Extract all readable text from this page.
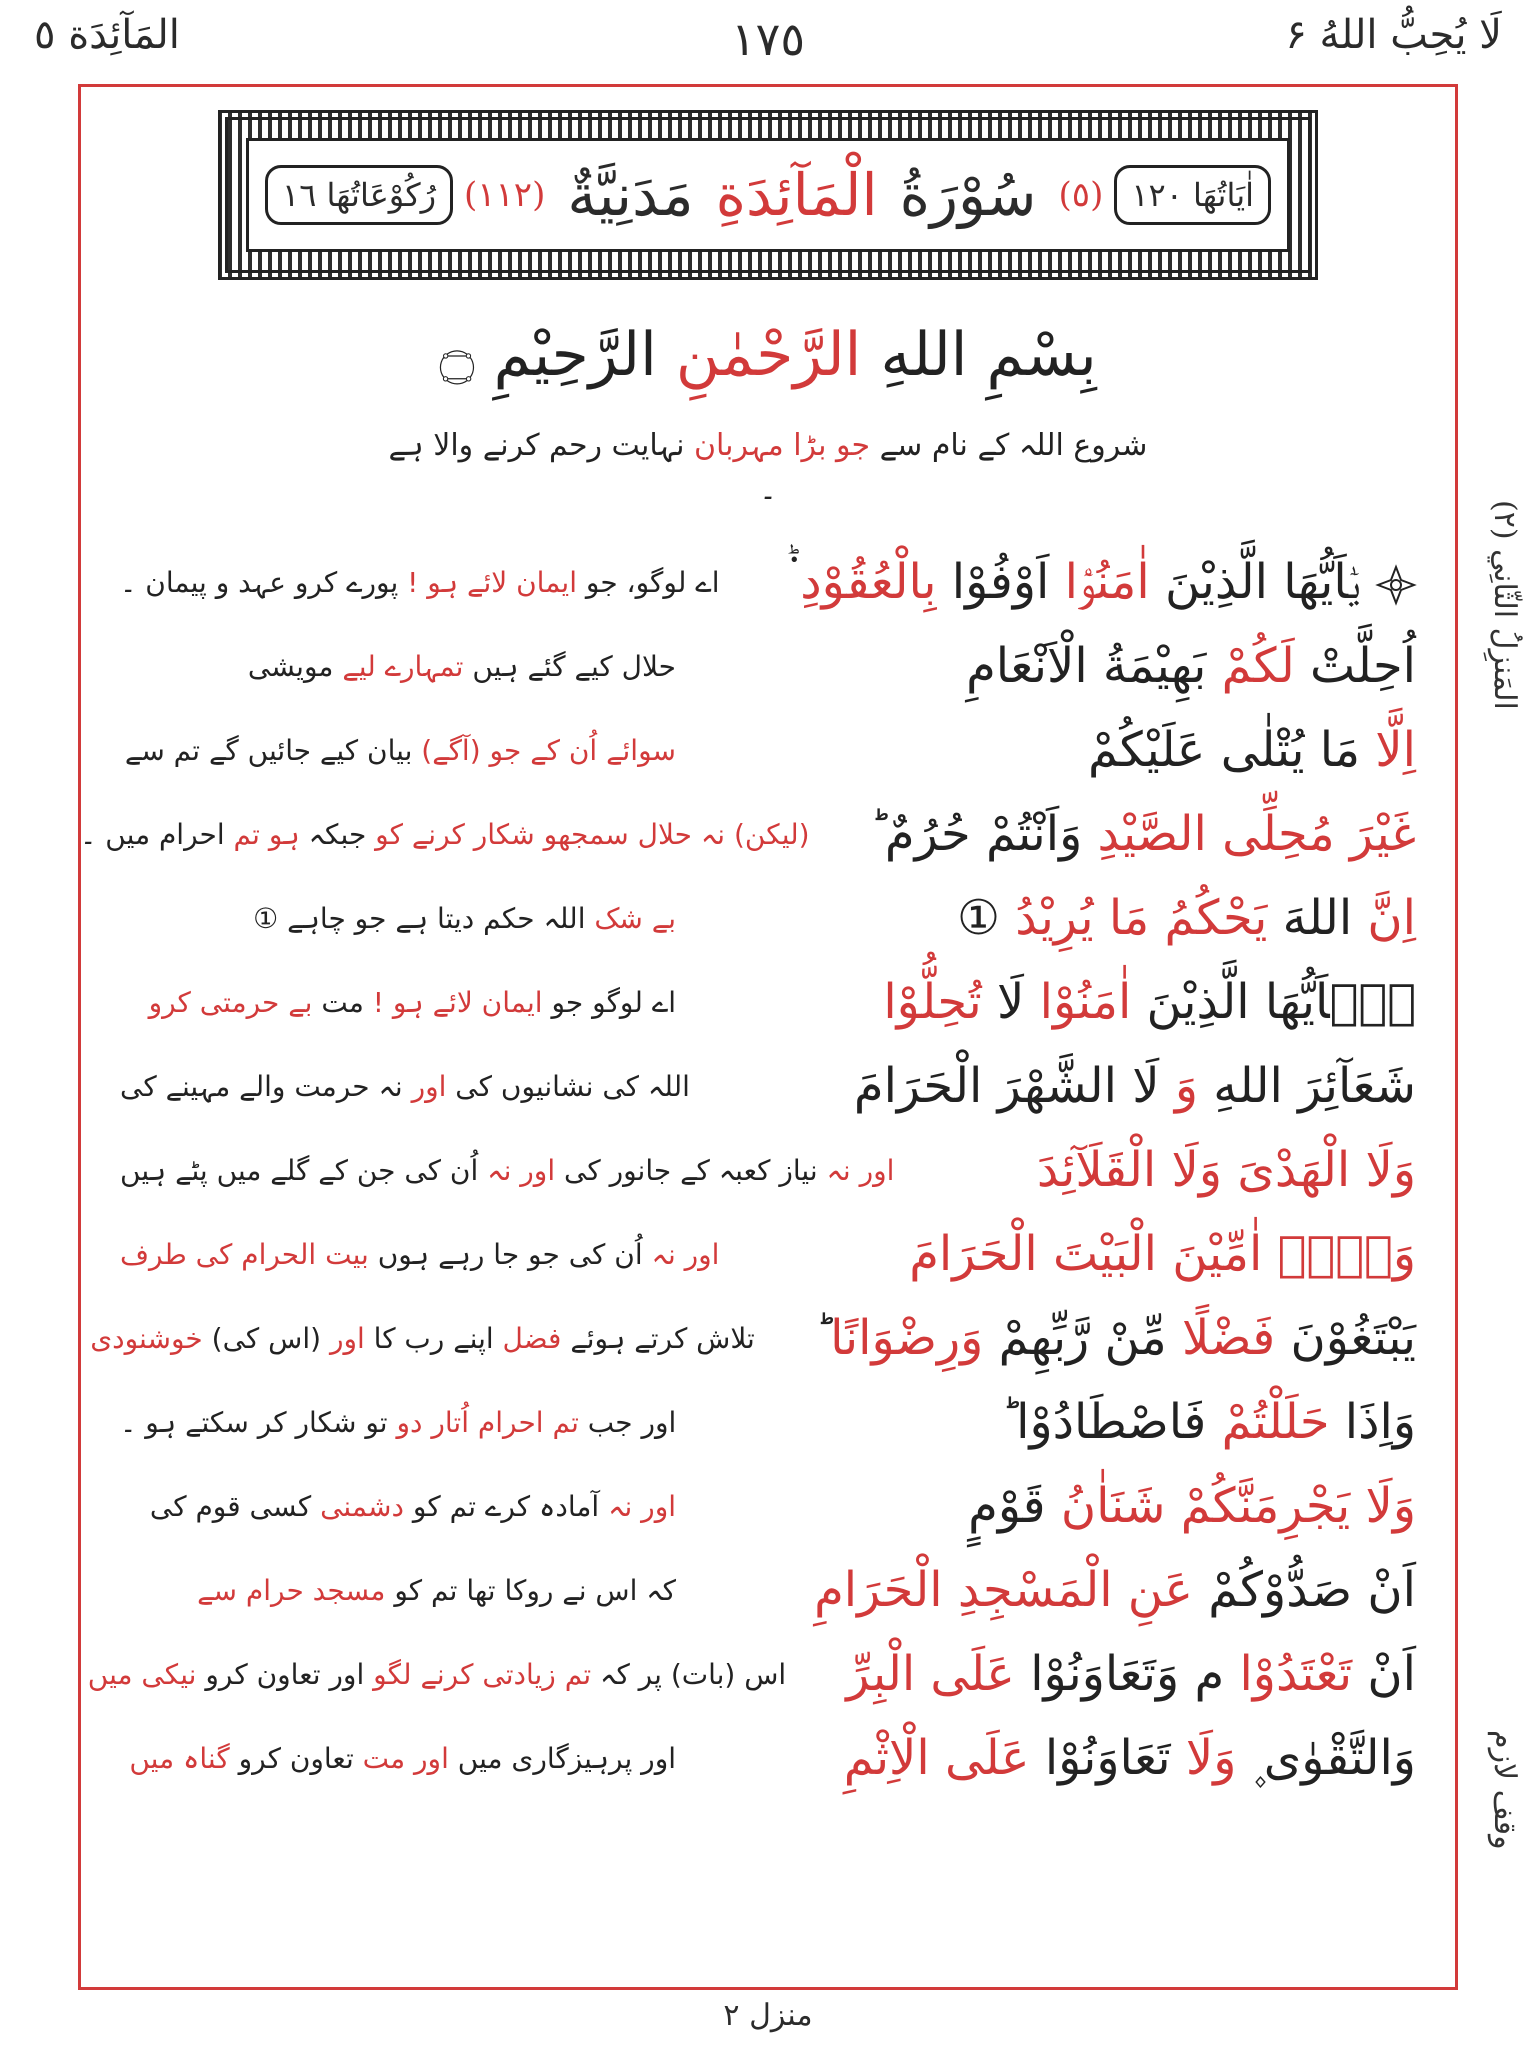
لَا يُحِبُّ اللهُ ۶
١٧٥
المَآئِدَة ٥
المَنزِلُ الثّانِي (٢)
وقف لازم
اٰيَاتُهَا ١٢٠
(٥)
سُوْرَةُ
الْمَآئِدَةِ
مَدَنِيَّةٌ
(١١٢)
رُكُوْعَاتُهَا ١٦
بِسْمِ اللهِ الرَّحْمٰنِ الرَّحِيْمِ ۝
شروع اللہ کے نام سے جو بڑا مہربان نہایت رحم کرنے والا ہے ۔
يٰۤاَيُّهَا الَّذِيْنَ اٰمَنُوْۤا اَوْفُوْا بِالْعُقُوْدِ ۬ؕ
اے لوگو، جو ایمان لائے ہو ! پورے کرو عہد و پیمان ۔
اُحِلَّتْ لَكُمْ بَهِيْمَةُ الْاَنْعَامِ
حلال کیے گئے ہیں تمہارے لیے مویشی
اِلَّا مَا يُتْلٰى عَلَيْكُمْ
سوائے اُن کے جو (آگے) بیان کیے جائیں گے تم سے
غَيْرَ مُحِلِّى الصَّيْدِ وَاَنْتُمْ حُرُمٌ ؕ
(لیکن) نہ حلال سمجھو شکار کرنے کو جبکہ ہو تم احرام میں ۔
اِنَّ اللهَ يَحْكُمُ مَا يُرِيْدُ ①
بے شک اللہ حکم دیتا ہے جو چاہے ①
يٰۤاَيُّهَا الَّذِيْنَ اٰمَنُوْا لَا تُحِلُّوْا
اے لوگو جو ایمان لائے ہو ! مت بے حرمتی کرو
شَعَآئِرَ اللهِ وَ لَا الشَّهْرَ الْحَرَامَ
اللہ کی نشانیوں کی اور نہ حرمت والے مہینے کی
وَلَا الْهَدْىَ وَلَا الْقَلَآئِدَ
اور نہ نیاز کعبہ کے جانور کی اور نہ اُن کی جن کے گلے میں پٹے ہیں
وَلَاۤ اٰمِّيْنَ الْبَيْتَ الْحَرَامَ
اور نہ اُن کی جو جا رہے ہوں بیت الحرام کی طرف
يَبْتَغُوْنَ فَضْلًا مِّنْ رَّبِّهِمْ وَرِضْوَانًا ؕ
تلاش کرتے ہوئے فضل اپنے رب کا اور (اس کی) خوشنودی
وَاِذَا حَلَلْتُمْ فَاصْطَادُوْا ؕ
اور جب تم احرام اُتار دو تو شکار کر سکتے ہو ۔
وَلَا يَجْرِمَنَّكُمْ شَنَاٰنُ قَوْمٍ
اور نہ آمادہ کرے تم کو دشمنی کسی قوم کی
اَنْ صَدُّوْكُمْ عَنِ الْمَسْجِدِ الْحَرَامِ
کہ اس نے روکا تھا تم کو مسجد حرام سے
اَنْ تَعْتَدُوْا م وَتَعَاوَنُوْا عَلَى الْبِرِّ
اس (بات) پر کہ تم زیادتی کرنے لگو اور تعاون کرو نیکی میں
وَالتَّقْوٰى ۪ وَلَا تَعَاوَنُوْا عَلَى الْاِثْمِ
اور پرہیزگاری میں اور مت تعاون کرو گناہ میں
منزل ٢
